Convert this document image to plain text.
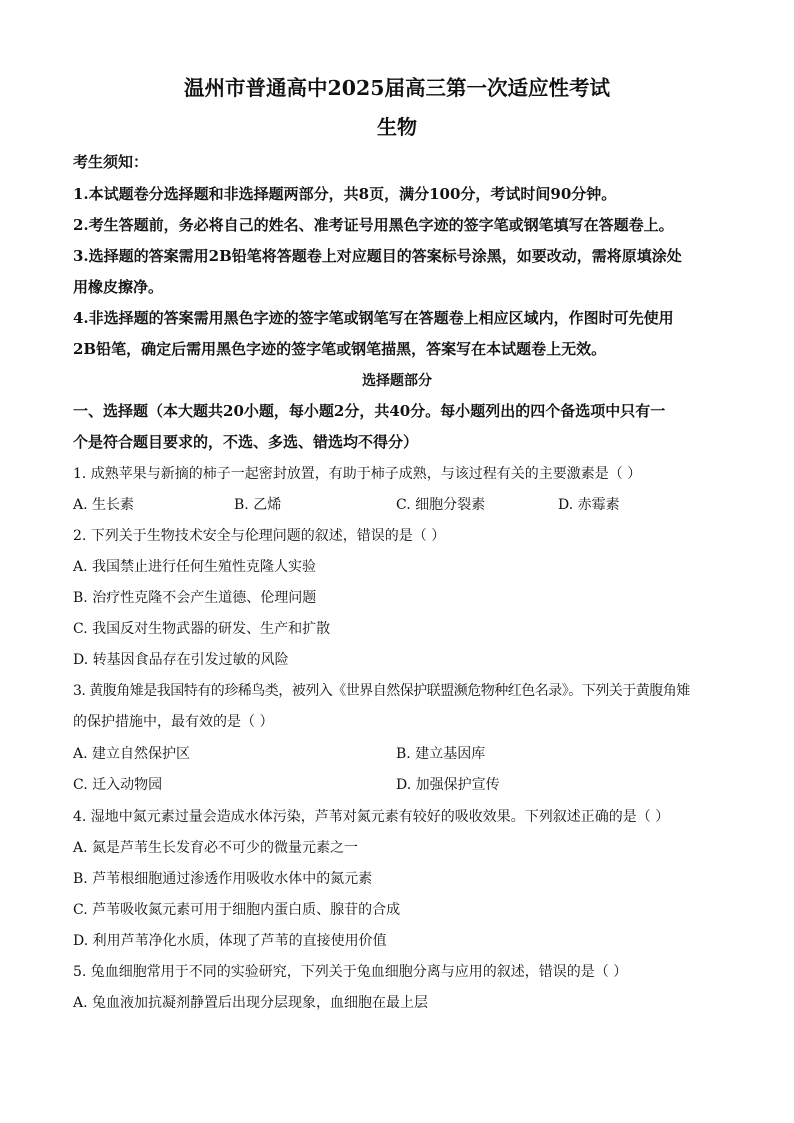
温州市普通高中2025届高三第一次适应性考试
生物
考生须知：
1.本试题卷分选择题和非选择题两部分，共8页，满分100分，考试时间90分钟。
2.考生答题前，务必将自己的姓名、准考证号用黑色字迹的签字笔或钢笔填写在答题卷上。
3.选择题的答案需用2B铅笔将答题卷上对应题目的答案标号涂黑，如要改动，需将原填涂处
用橡皮擦净。
4.非选择题的答案需用黑色字迹的签字笔或钢笔写在答题卷上相应区域内，作图时可先使用
2B铅笔，确定后需用黑色字迹的签字笔或钢笔描黑，答案写在本试题卷上无效。
选择题部分
一、选择题（本大题共20小题，每小题2分，共40分。每小题列出的四个备选项中只有一
个是符合题目要求的，不选、多选、错选均不得分）
1. 成熟苹果与新摘的柿子一起密封放置，有助于柿子成熟，与该过程有关的主要激素是（ ）
A. 生长素	B. 乙烯	C. 细胞分裂素	D. 赤霉素
2. 下列关于生物技术安全与伦理问题的叙述，错误的是（ ）
A. 我国禁止进行任何生殖性克隆人实验
B. 治疗性克隆不会产生道德、伦理问题
C. 我国反对生物武器的研发、生产和扩散
D. 转基因食品存在引发过敏的风险
3. 黄腹角雉是我国特有的珍稀鸟类，被列入《世界自然保护联盟濒危物种红色名录》。下列关于黄腹角雉
的保护措施中，最有效的是（ ）
A. 建立自然保护区	B. 建立基因库
C. 迁入动物园	D. 加强保护宣传
4. 湿地中氮元素过量会造成水体污染，芦苇对氮元素有较好的吸收效果。下列叙述正确的是（ ）
A. 氮是芦苇生长发育必不可少的微量元素之一
B. 芦苇根细胞通过渗透作用吸收水体中的氮元素
C. 芦苇吸收氮元素可用于细胞内蛋白质、腺苷的合成
D. 利用芦苇净化水质，体现了芦苇的直接使用价值
5. 兔血细胞常用于不同的实验研究，下列关于兔血细胞分离与应用的叙述，错误的是（ ）
A. 兔血液加抗凝剂静置后出现分层现象，血细胞在最上层
